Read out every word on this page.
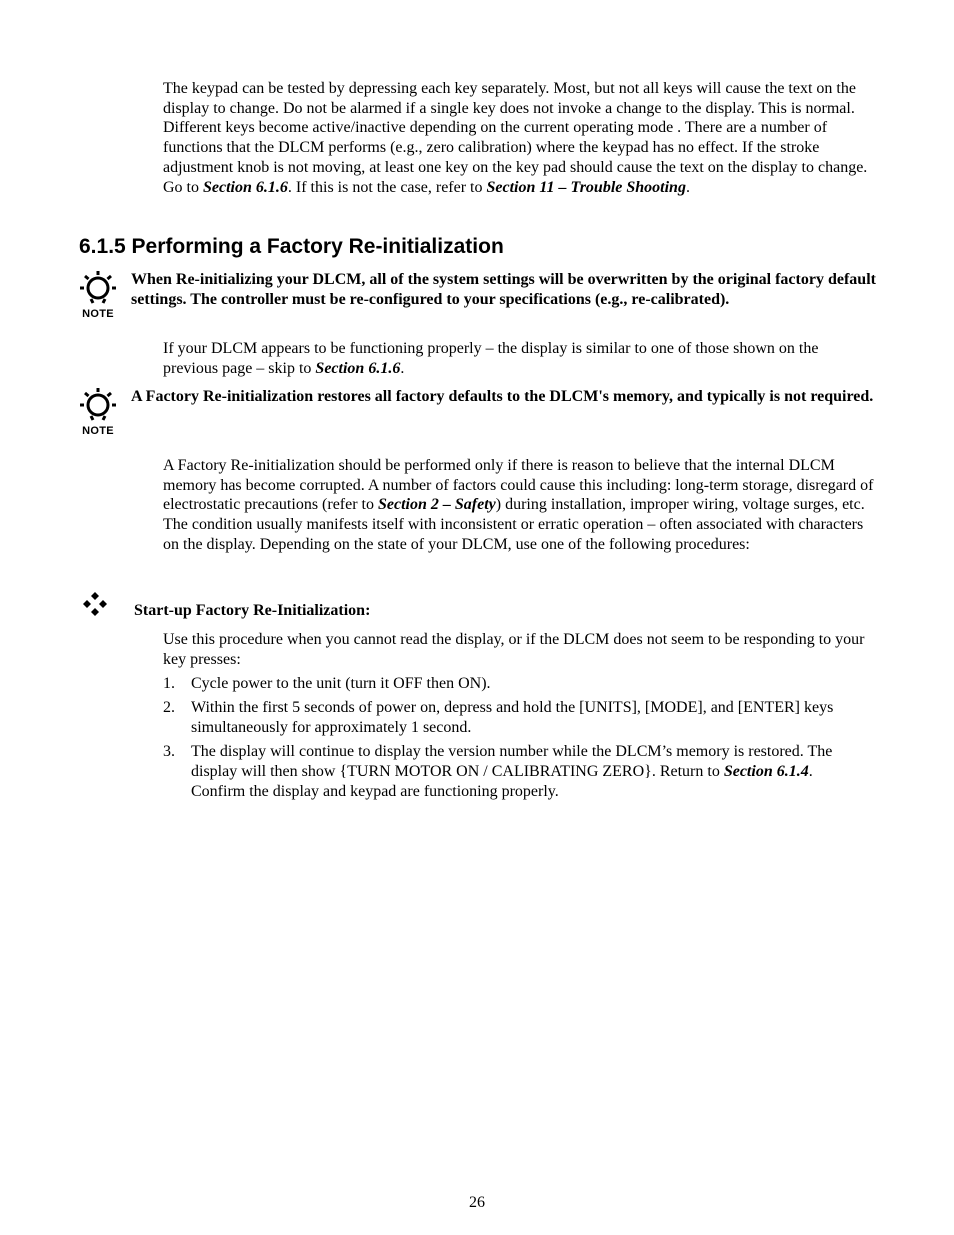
The keypad can be tested by depressing each key separately. Most, but not all keys will cause the text on the display to change. Do not be alarmed if a single key does not invoke a change to the display. This is normal. Different keys become active/inactive depending on the current operating mode . There are a number of functions that the DLCM performs (e.g., zero calibration) where the keypad has no effect. If the stroke adjustment knob is not moving, at least one key on the key pad should cause the text on the display to change. Go to Section 6.1.6. If this is not the case, refer to Section 11 – Trouble Shooting.

6.1.5 Performing a Factory Re-initialization
NOTE

When Re-initializing your DLCM, all of the system settings will be overwritten by the original factory default settings. The controller must be re-configured to your specifications (e.g., re-calibrated).

If your DLCM appears to be functioning properly – the display is similar to one of those shown on the previous page – skip to Section 6.1.6.

NOTE

A Factory Re-initialization restores all factory defaults to the DLCM's memory, and typically is not required.

A Factory Re-initialization should be performed only if there is reason to believe that the internal DLCM memory has become corrupted. A number of factors could cause this including: long-term storage, disregard of electrostatic precautions (refer to Section 2 – Safety) during installation, improper wiring, voltage surges, etc. The condition usually manifests itself with inconsistent or erratic operation – often associated with characters on the display. Depending on the state of your DLCM, use one of the following procedures:

Start-up Factory Re-Initialization:

Use this procedure when you cannot read the display, or if the DLCM does not seem to be responding to your key presses:

1. Cycle power to the unit (turn it OFF then ON).
2. Within the first 5 seconds of power on, depress and hold the [UNITS], [MODE], and [ENTER] keys simultaneously for approximately 1 second.
3. The display will continue to display the version number while the DLCM’s memory is restored. The display will then show {TURN MOTOR ON / CALIBRATING ZERO}. Return to Section 6.1.4. Confirm the display and keypad are functioning properly.
26
